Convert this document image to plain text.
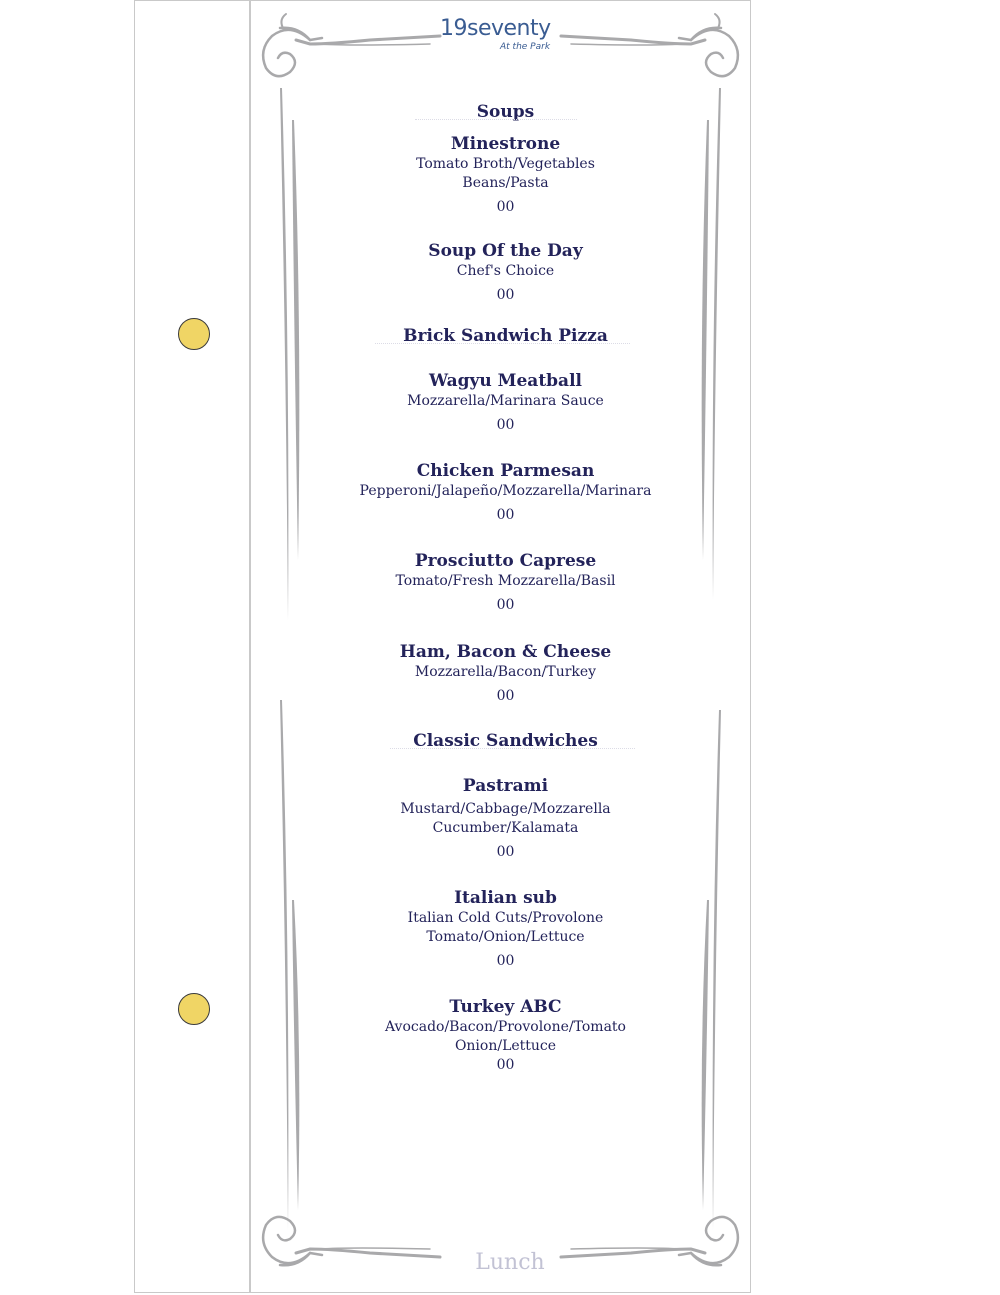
19seventy
At the Park
Soups
Minestrone
Tomato Broth/Vegetables
Beans/Pasta
00
Soup Of the Day
Chef's Choice
00
Brick Sandwich Pizza
Wagyu Meatball
Mozzarella/Marinara Sauce
00
Chicken Parmesan
Pepperoni/Jalapeño/Mozzarella/Marinara
00
Prosciutto Caprese
Tomato/Fresh Mozzarella/Basil
00
Ham, Bacon & Cheese
Mozzarella/Bacon/Turkey
00
Classic Sandwiches
Pastrami
Mustard/Cabbage/Mozzarella
Cucumber/Kalamata
00
Italian sub
Italian Cold Cuts/Provolone
Tomato/Onion/Lettuce
00
Turkey ABC
Avocado/Bacon/Provolone/Tomato
Onion/Lettuce
00
Lunch
